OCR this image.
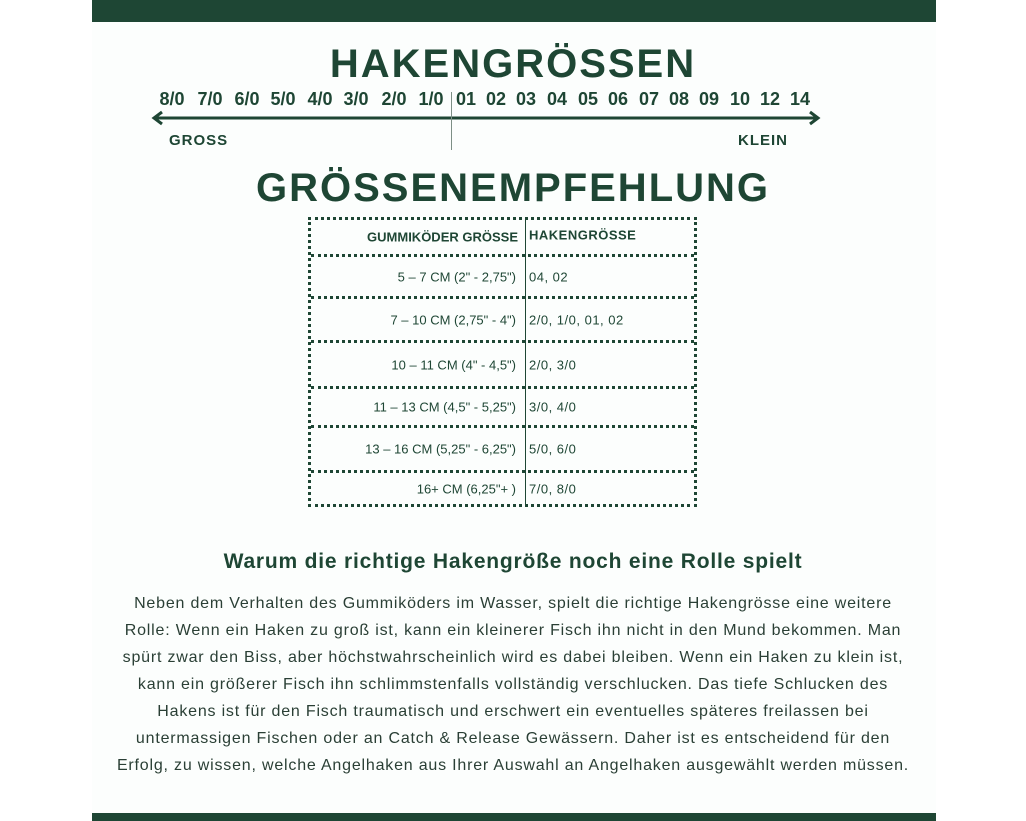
HAKENGRÖSSEN
8/0 7/0 6/0 5/0 4/0 3/0 2/0 1/0 01 02 03 04 05 06 07 08 09 10 12 14
GROSS	KLEIN
GRÖSSENEMPFEHLUNG
GUMMIKÖDER GRÖSSE HAKENGRÖSSE
5 – 7 CM (2" - 2,75") 04, 02
7 – 10 CM (2,75" - 4") 2/0, 1/0, 01, 02
10 – 11 CM (4" - 4,5") 2/0, 3/0
11 – 13 CM (4,5" - 5,25") 3/0, 4/0
13 – 16 CM (5,25" - 6,25") 5/0, 6/0
16+ CM (6,25"+ ) 7/0, 8/0
Warum die richtige Hakengröße noch eine Rolle spielt
Neben dem Verhalten des Gummiköders im Wasser, spielt die richtige Hakengrösse eine weitere Rolle: Wenn ein Haken zu groß ist, kann ein kleinerer Fisch ihn nicht in den Mund bekommen. Man spürt zwar den Biss, aber höchstwahrscheinlich wird es dabei bleiben. Wenn ein Haken zu klein ist, kann ein größerer Fisch ihn schlimmstenfalls vollständig verschlucken. Das tiefe Schlucken des Hakens ist für den Fisch traumatisch und erschwert ein eventuelles späteres freilassen bei untermassigen Fischen oder an Catch & Release Gewässern. Daher ist es entscheidend für den Erfolg, zu wissen, welche Angelhaken aus Ihrer Auswahl an Angelhaken ausgewählt werden müssen.
